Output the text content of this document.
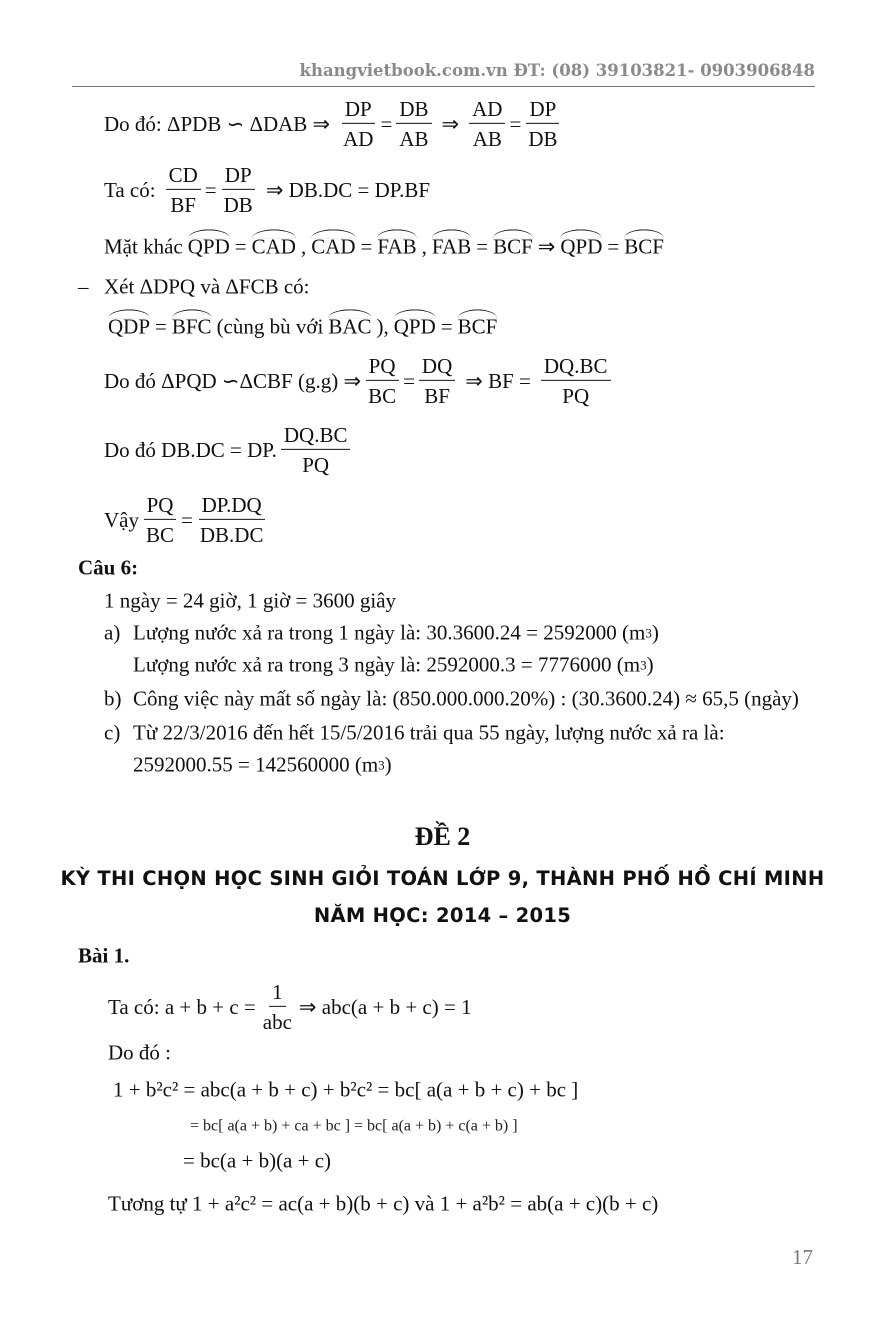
khangvietbook.com.vn ĐT: (08) 39103821- 0903906848
Do đó: ΔPDB ∽ ΔDAB ⇒ $\frac{DP}{AD} = \frac{DB}{AB}$ ⇒ $\frac{AD}{AB} = \frac{DP}{DB}$
Ta có: $\frac{CD}{BF} = \frac{DP}{DB}$ ⇒ DB.DC = DP.BF
Mặt khác QPD = CAD , CAD = FAB , FAB = BCF ⇒ QPD = BCF
– Xét ΔDPQ và ΔFCB có:
QDP = BFC (cùng bù với BAC ), QPD = BCF
Do đó ΔPQD ∽ΔCBF (g.g) ⇒ $\frac{PQ}{BC} = \frac{DQ}{BF}$ ⇒ BF = $\frac{DQ.BC}{PQ}$
Do đó DB.DC = DP. $\frac{DQ.BC}{PQ}$
Vậy $\frac{PQ}{BC} = \frac{DP.DQ}{DB.DC}$
Câu 6:
1 ngày = 24 giờ, 1 giờ = 3600 giây
a) Lượng nước xả ra trong 1 ngày là: 30.3600.24 = 2592000 (m 3 )
Lượng nước xả ra trong 3 ngày là: 2592000.3 = 7776000 (m 3 )
b) Công việc này mất số ngày là: (850.000.000.20%) : (30.3600.24) ≈ 65,5 (ngày)
c) Từ 22/3/2016 đến hết 15/5/2016 trải qua 55 ngày, lượng nước xả ra là:
2592000.55 = 142560000 (m 3 )
ĐỀ 2
KỲ THI CHỌN HỌC SINH GIỎI TOÁN LỚP 9, THÀNH PHỐ HỒ CHÍ MINH
NĂM HỌC: 2014 – 2015
Bài 1.
Ta có: $a + b + c = \frac{1}{\text{abc}}$ ⇒ abc(a + b + c) = 1
Do đó :
1 + b²c² = abc(a + b + c) + b²c² = bc[ a(a + b + c) + bc ]
= bc[ a(a + b) + ca + bc ] = bc[ a(a + b) + c(a + b) ]
= bc(a + b)(a + c)
Tương tự 1 + a²c² = ac(a + b)(b + c) và 1 + a²b² = ab(a + c)(b + c)
17
